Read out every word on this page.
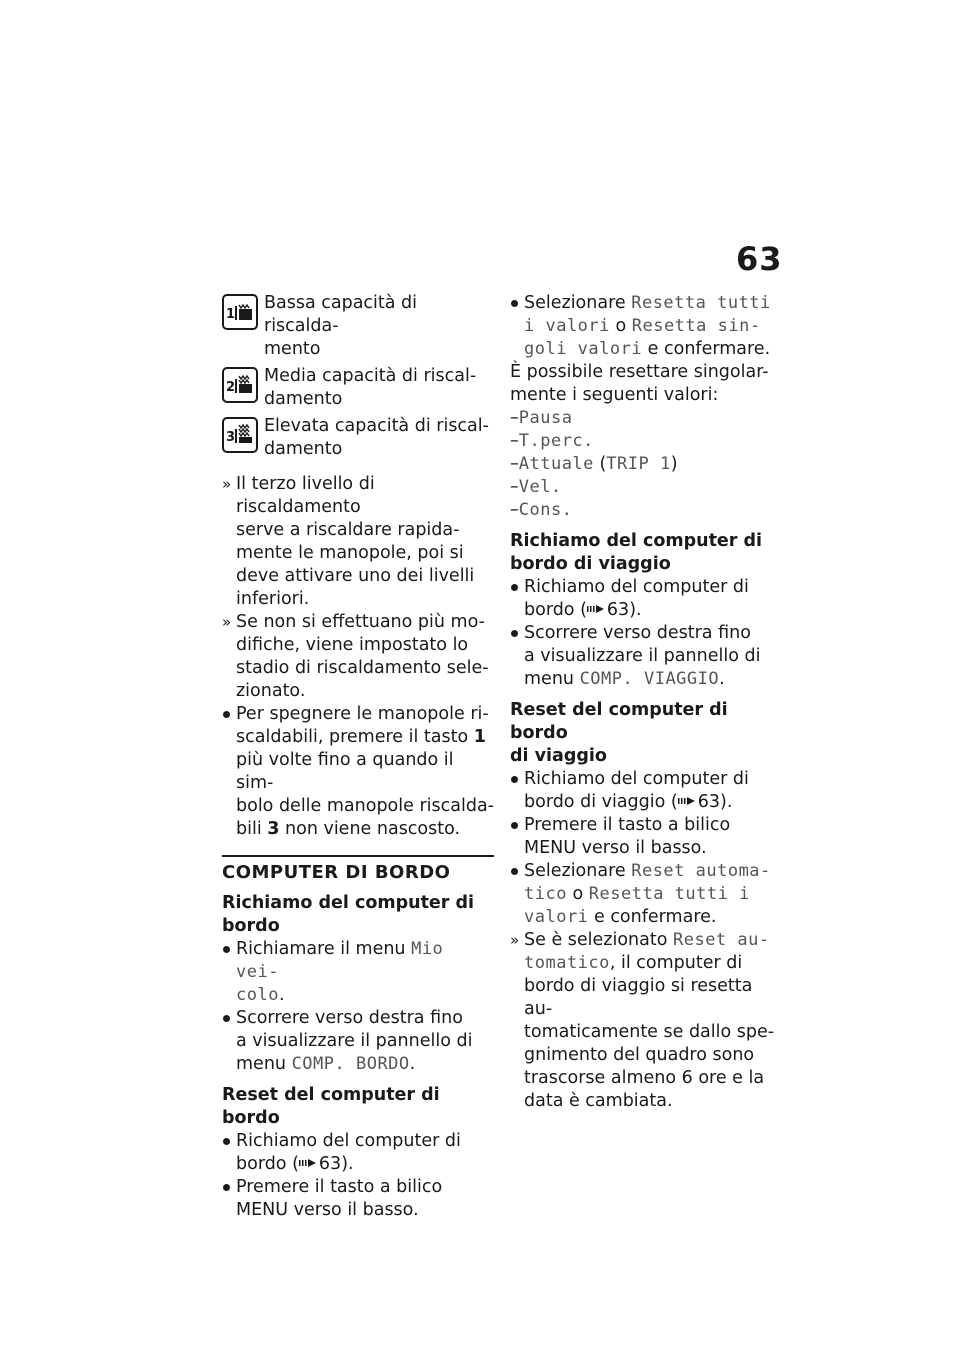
63
1
Bassa capacità di riscalda-
mento
2
Media capacità di riscal-
damento
3
Elevata capacità di riscal-
damento
» Il terzo livello di riscaldamento
serve a riscaldare rapida-
mente le manopole, poi si
deve attivare uno dei livelli
inferiori.
» Se non si effettuano più mo-
difiche, viene impostato lo
stadio di riscaldamento sele-
zionato.
Per spegnere le manopole ri-
scaldabili, premere il tasto 1
più volte fino a quando il sim-
bolo delle manopole riscalda-
bili 3 non viene nascosto.
COMPUTER DI BORDO
Richiamo del computer di
bordo
Richiamare il menu Mio vei-
colo.
Scorrere verso destra fino
a visualizzare il pannello di
menu COMP. BORDO.
Reset del computer di bordo
Richiamo del computer di
bordo ( 63).
Premere il tasto a bilico
MENU verso il basso.
Selezionare Resetta tutti
i valori o Resetta sin-
goli valori e confermare.
È possibile resettare singolar-
mente i seguenti valori:
–Pausa
–T.perc.
–Attuale (TRIP 1)
–Vel.
–Cons.
Richiamo del computer di
bordo di viaggio
Richiamo del computer di
bordo ( 63).
Scorrere verso destra fino
a visualizzare il pannello di
menu COMP. VIAGGIO.
Reset del computer di bordo
di viaggio
Richiamo del computer di
bordo di viaggio ( 63).
Premere il tasto a bilico
MENU verso il basso.
Selezionare Reset automa-
tico o Resetta tutti i
valori e confermare.
» Se è selezionato Reset au-
tomatico, il computer di
bordo di viaggio si resetta au-
tomaticamente se dallo spe-
gnimento del quadro sono
trascorse almeno 6 ore e la
data è cambiata.
